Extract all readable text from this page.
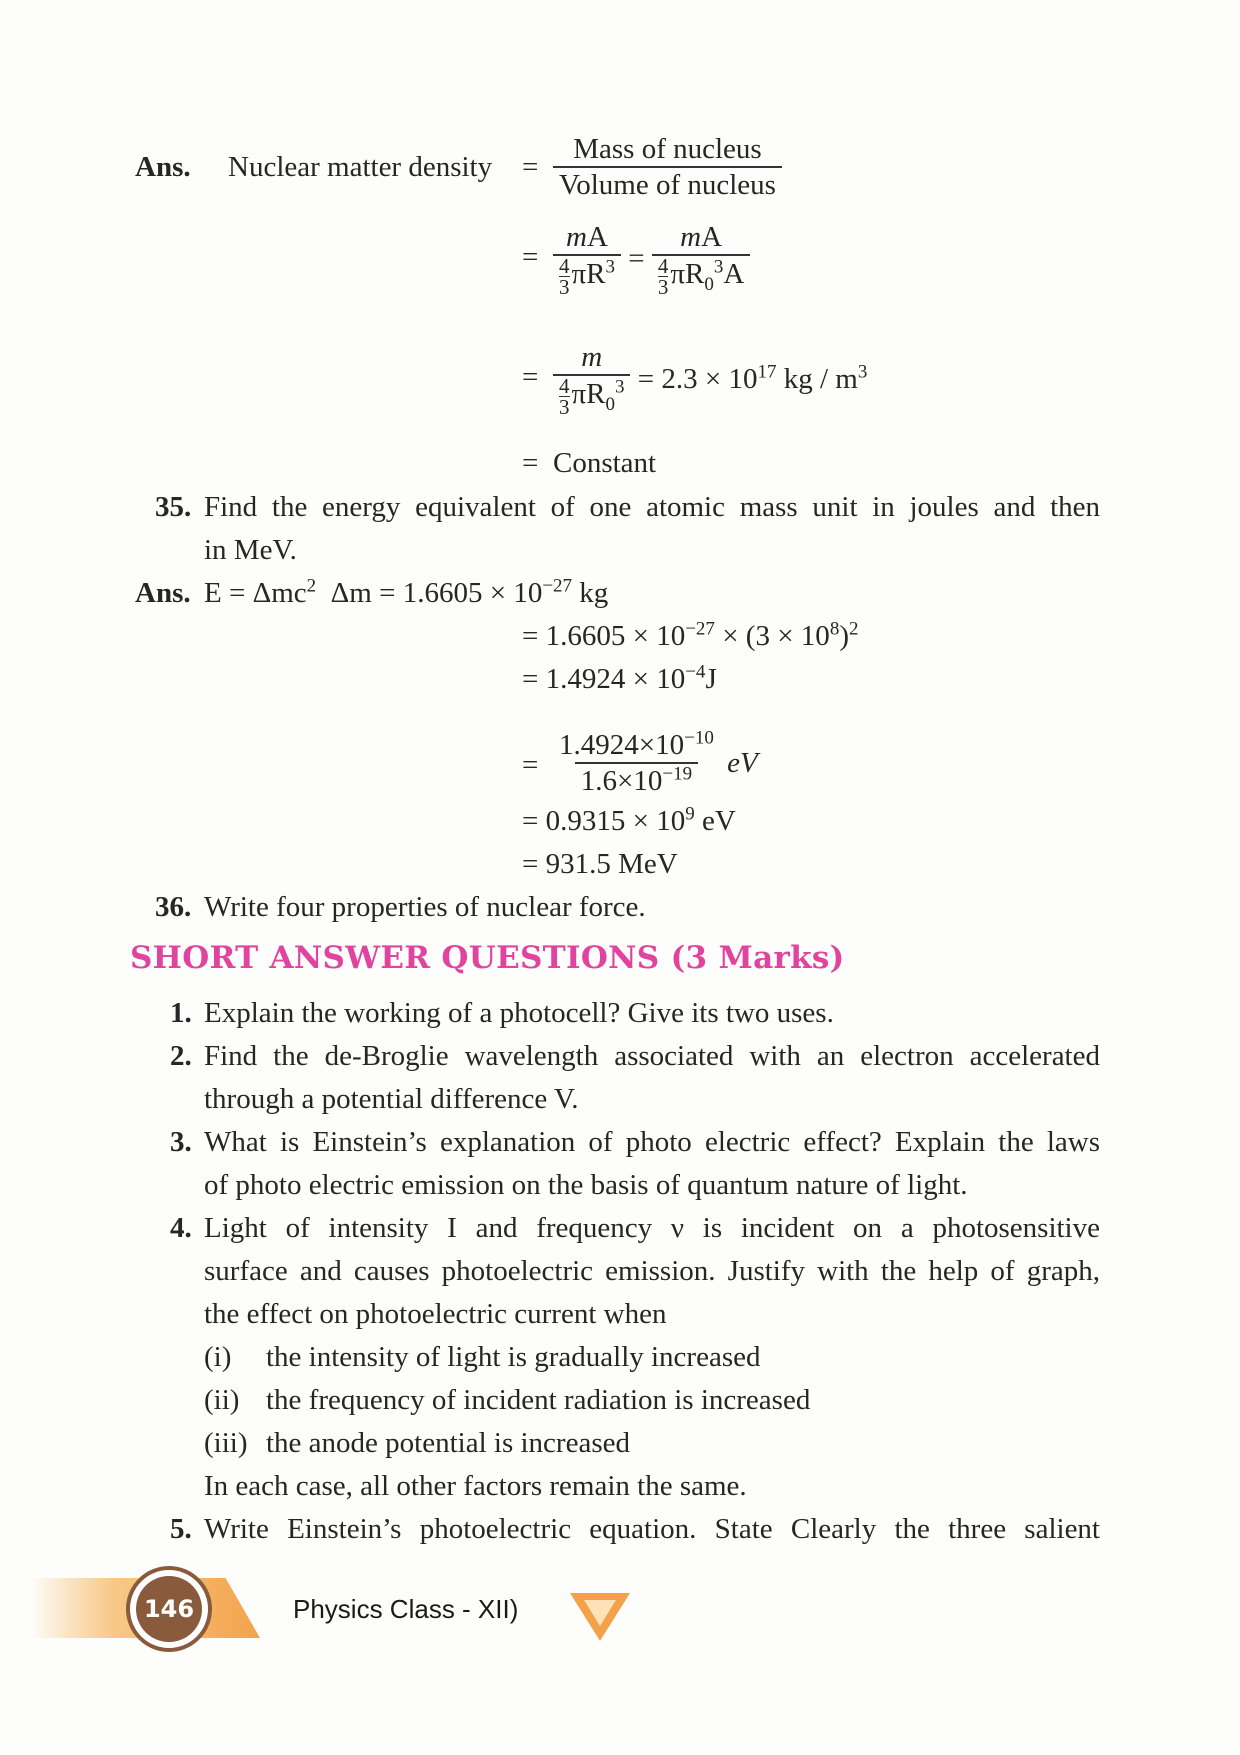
Ans. Nuclear matter density = $\frac{\text{Mass of nucleus}}{\text{Volume of nucleus}}$
= $\frac{mA}{\frac{4}{3} \pi R^3} = \frac{mA}{\frac{4}{3} \pi R_0^3A}$
= $\frac{m}{\frac{4}{3} \pi R_0^3} = 2.3 \times 10^{17}$ kg / $m^3$
= Constant
35. Find the energy equivalent of one atomic mass unit in joules and then
in MeV.
Ans. E = Δmc$^2$ $\Delta m = 1.6605 \times 10^{-27}$ kg
= $1.6605 \times 10^{-27} \times (3 \times 10^8)^2$
= $1.4924 \times 10^{-4}J$
= $\frac{1.4924\times 10^{-10}}{1.6\times 10^{-19}}$ eV
= $0.9315 \times 10^9$ eV
= 931.5 MeV
36. Write four properties of nuclear force.
SHORT ANSWER QUESTIONS (3 Marks)
1. Explain the working of a photocell? Give its two uses.
2. Find the de-Broglie wavelength associated with an electron accelerated
through a potential difference V.
3. What is Einstein’s explanation of photo electric effect? Explain the laws
of photo electric emission on the basis of quantum nature of light.
4. Light of intensity I and frequency ν is incident on a photosensitive
surface and causes photoelectric emission. Justify with the help of graph,
the effect on photoelectric current when
(i) the intensity of light is gradually increased
(ii) the frequency of incident radiation is increased
(iii) the anode potential is increased
In each case, all other factors remain the same.
5. Write Einstein’s photoelectric equation. State Clearly the three salient
146	Physics Class - XII)
